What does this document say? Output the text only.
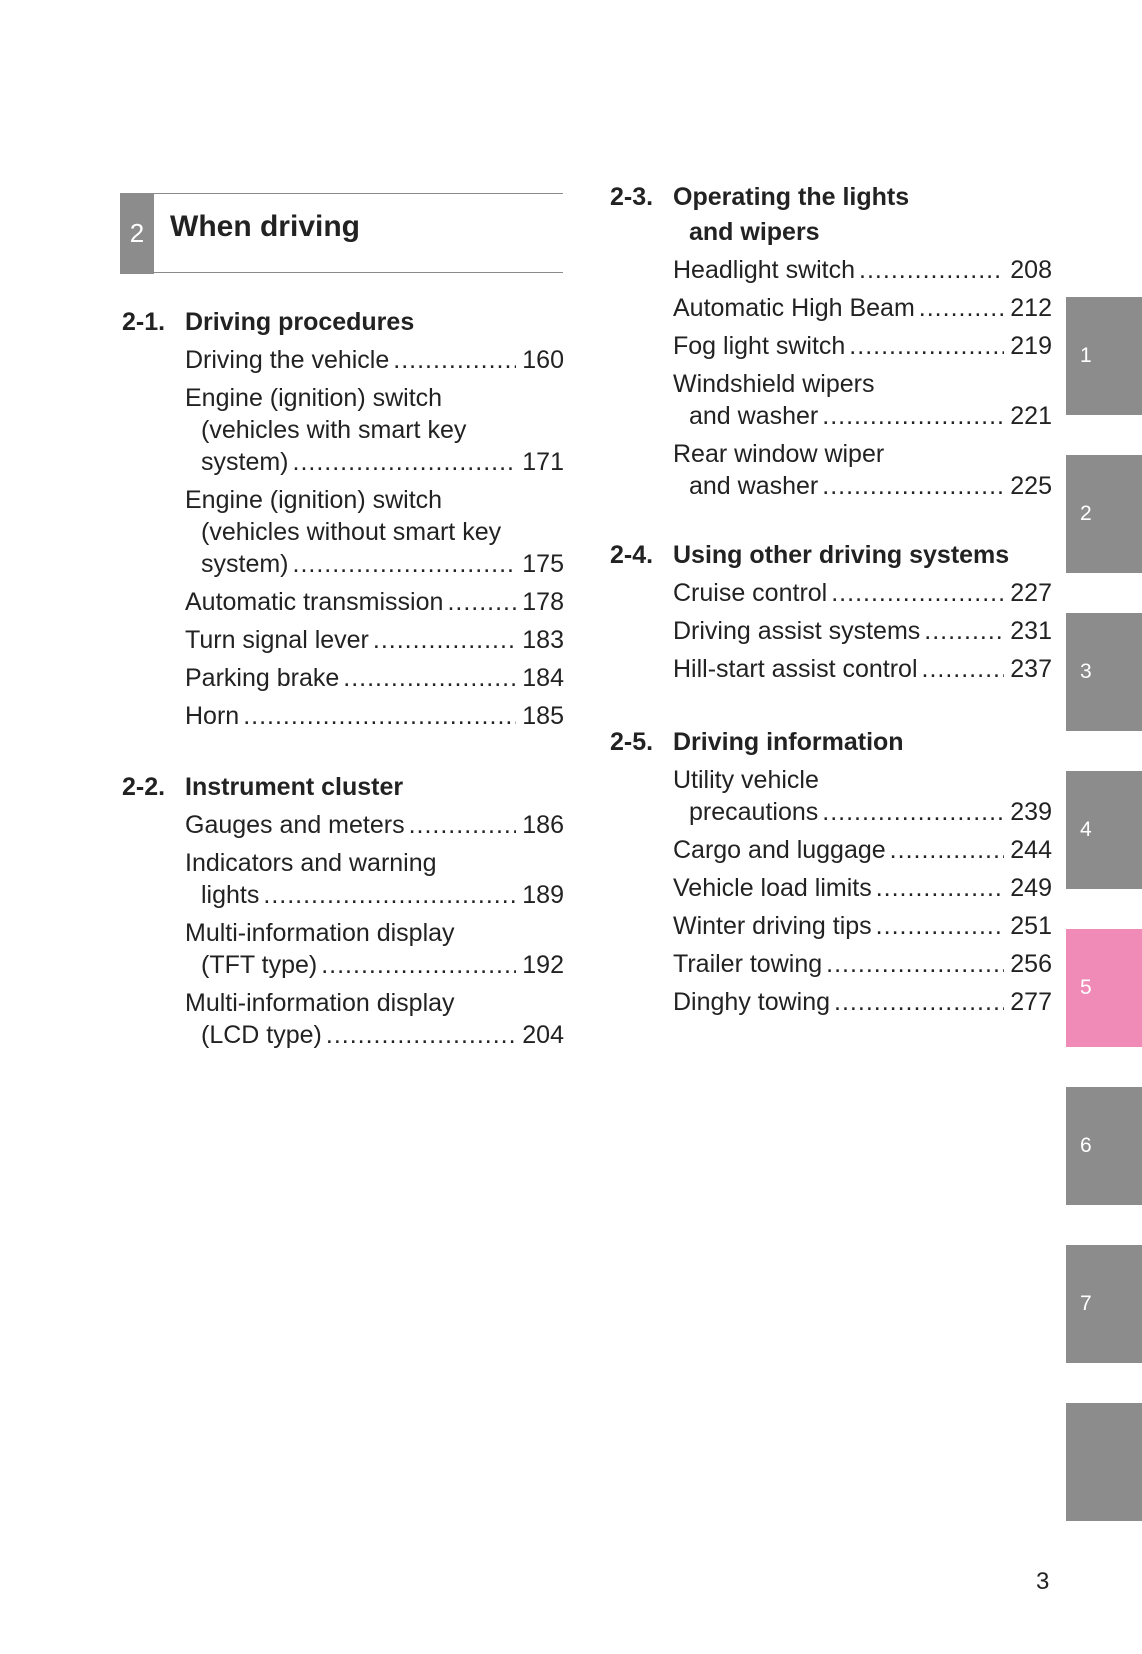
2 When driving
2-1. Driving procedures
Driving the vehicle .....	160
Engine (ignition) switch
(vehicles with smart key
system) .....	171
Engine (ignition) switch
(vehicles without smart key
system) .....	175
Automatic transmission .....	178
Turn signal lever .....	183
Parking brake .....	184
Horn .....	185
2-2. Instrument cluster
Gauges and meters .....	186
Indicators and warning
lights .....	189
Multi-information display
(TFT type) .....	192
Multi-information display
(LCD type) .....	204
2-3. Operating the lights
and wipers
Headlight switch .....	208
Automatic High Beam .....	212
Fog light switch .....	219
Windshield wipers
and washer .....	221
Rear window wiper
and washer .....	225
2-4. Using other driving systems
Cruise control .....	227
Driving assist systems .....	231
Hill-start assist control .....	237
2-5. Driving information
Utility vehicle
precautions .....	239
Cargo and luggage .....	244
Vehicle load limits .....	249
Winter driving tips .....	251
Trailer towing .....	256
Dinghy towing .....	277
1
2
3
4
5
6
7
3
